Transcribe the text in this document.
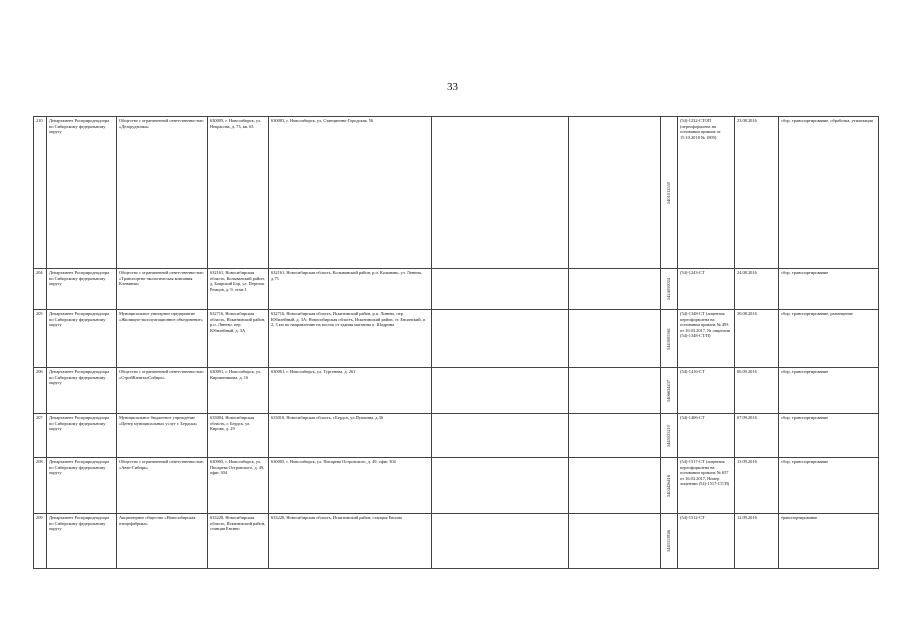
33
210	Департамент Росприроднадзора по Сибирскому федеральному округу	Общество с ограниченной ответственностью «Дезорудзичка»	630005, г. Новосибирск, ул. Некрасова, д. 73, кв. 63	630083, г. Новосибирск, ул. Станционно-Городская, 56			5401012550	(54)-1232-СТОП (переоформлена на основании приказа от 15.10.2018 № 1805)	23.08.2016	сбор, транспортирование, обработка, утилизация
204	Департамент Росприроднадзора по Сибирскому федеральному округу	Общество с ограниченной ответственностью «Транспортно-экологическая компания Клевания»	632161, Новосибирская область, Колыванский район, д. Боярский Бор, ул. Перелок Ремцов, д. 9, этаж 1	632161, Новосибирская область, Колыванский район, р.п. Колывань, ул. Ленина, д.75			5424050024	(54)-1243-СТ	24.08.2016	сбор, транспортирование
205	Департамент Росприроднадзора по Сибирскому федеральному округу	Муниципальное унитарное предприятие «Жилищно-эксплуатационное объединение»	632716, Новосибирская область, Искитимский район, р.п. Линево, пер. Юбилейный, д. 3А	632716, Новосибирская область, Искитимский район, р.п. Линево, пер. Юбилейный, д. 3А; Новосибирская область, Искитимский район, ст. Евсинский, п 2, 3 км по направлению на восток от здания магазина п. Шадрина			5443005361	(54)-1348-СТ (лицензия переоформлена на основании приказа № 493 от 16.03.2017, № лицензии (54)-1348-СТ/П)	30.08.2016	сбор, транспортирование, размещение
206	Департамент Росприроднадзора по Сибирскому федеральному округу	Общество с ограниченной ответственностью «СтройКапиталСибирь»	630091, г. Новосибирск, ул. Кирпичникова, д. 16	630061, г. Новосибирск, ул. Тургенева, д. 261			5406634437	(54)-1416-СТ	06.09.2016	сбор, транспортирование
207	Департамент Росприроднадзора по Сибирскому федеральному округу	Муниципальное бюджетное учреждение «Центр муниципальных услуг г. Бердска»	633004, Новосибирская область, г. Бердск, ул. Кирова, д. 29	633010, Новосибирская область, г.Бердск, ул.Пушкина, д.36			5445025210	(54)-1406-СТ	07.09.2016	сбор, транспортирование
208	Департамент Росприроднадзора по Сибирскому федеральному округу	Общество с ограниченной ответственностью «Авто-Сибирь»	630005, г. Новосибирск, ул. Писарева Островского, д. 49, офис 304	630005, г. Новосибирск, ул. Писарева Островского, д. 49, офис 304			5404426416	(54)-1517-СТ (лицензия переоформлена на основании приказа № 657 от 16.03.2017, Номер лицензии (54)-1517-СТ/П)	13.09.2016	сбор, транспортирование
209	Департамент Росприроднадзора по Сибирскому федеральному округу	Акционерное общество «Новосибирская птицефабрика»	633228, Новосибирская область, Искитимский район, станция Евсино	633228, Новосибирская область, Искитимский район, станция Евсино			5443113846	(54)-1512-СТ	12.09.2016	транспортирование
